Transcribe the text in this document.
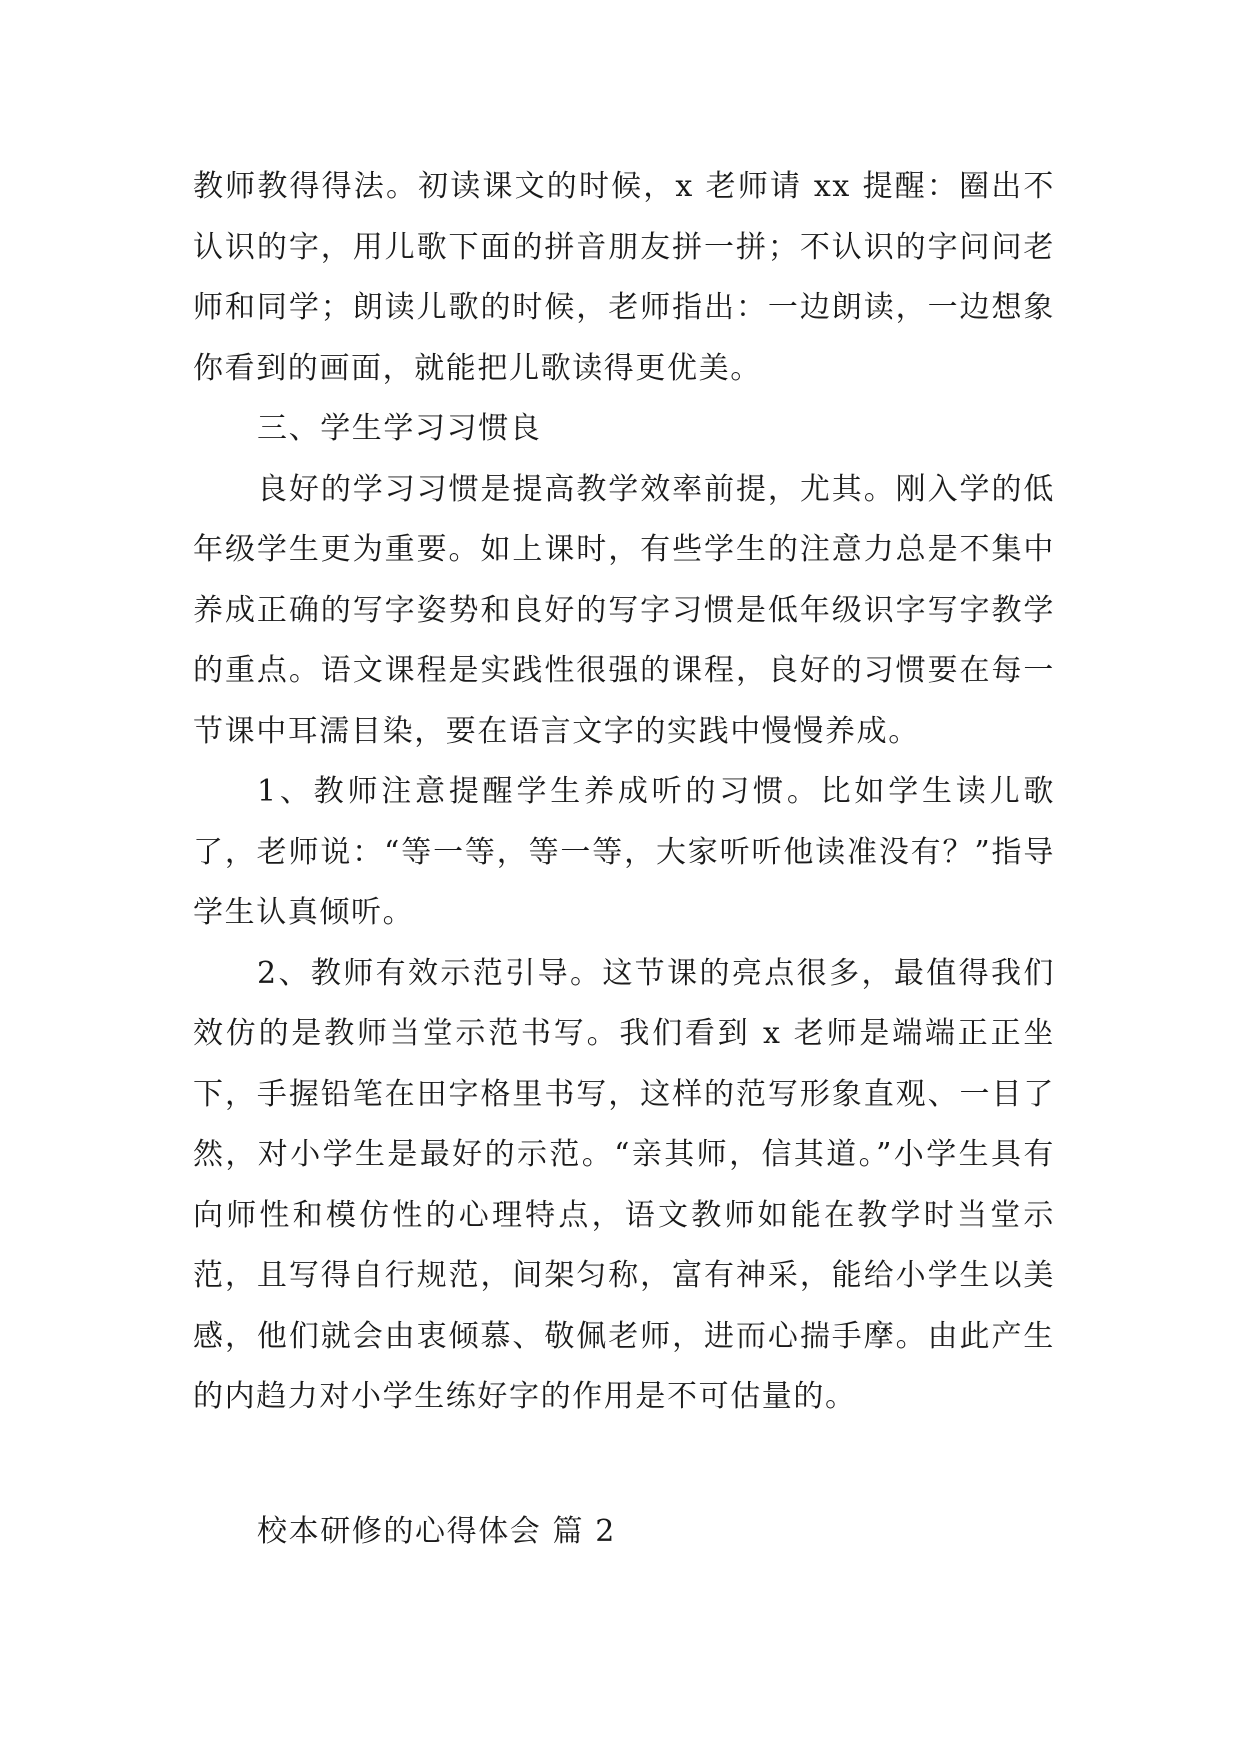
教师教得得法。初读课文的时候，x 老师请 xx 提醒：圈出不认识的字，用儿歌下面的拼音朋友拼一拼；不认识的字问问老师和同学；朗读儿歌的时候，老师指出：一边朗读，一边想象你看到的画面，就能把儿歌读得更优美。

三、学生学习习惯良

良好的学习习惯是提高教学效率前提，尤其。刚入学的低年级学生更为重要。如上课时，有些学生的注意力总是不集中养成正确的写字姿势和良好的写字习惯是低年级识字写字教学的重点。语文课程是实践性很强的课程，良好的习惯要在每一节课中耳濡目染，要在语言文字的实践中慢慢养成。

1、教师注意提醒学生养成听的习惯。比如学生读儿歌了，老师说：“等一等，等一等，大家听听他读准没有？”指导学生认真倾听。

2、教师有效示范引导。这节课的亮点很多，最值得我们效仿的是教师当堂示范书写。我们看到 x 老师是端端正正坐下，手握铅笔在田字格里书写，这样的范写形象直观、一目了然，对小学生是最好的示范。“亲其师，信其道。”小学生具有向师性和模仿性的心理特点，语文教师如能在教学时当堂示范，且写得自行规范，间架匀称，富有神采，能给小学生以美感，他们就会由衷倾慕、敬佩老师，进而心揣手摩。由此产生的内趋力对小学生练好字的作用是不可估量的。

校本研修的心得体会 篇 2
